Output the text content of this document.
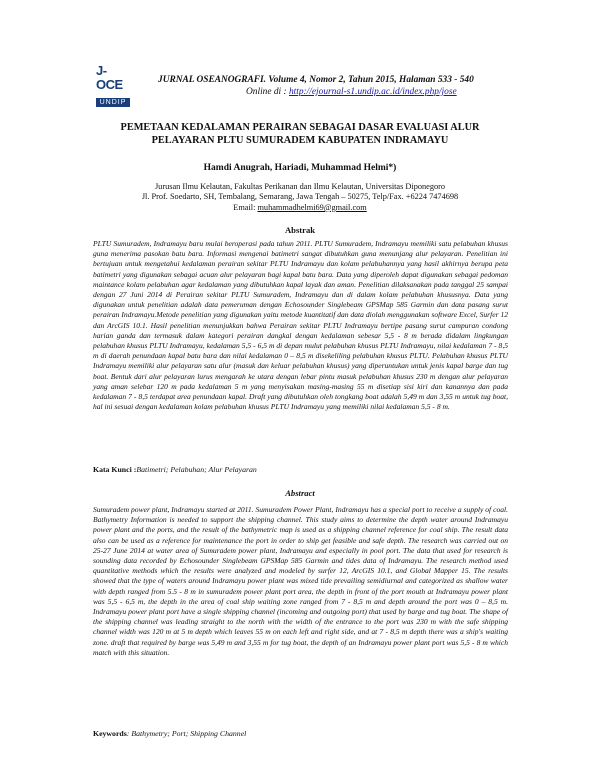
J-OCE
UNDIP
JURNAL OSEANOGRAFI. Volume 4, Nomor 2, Tahun 2015, Halaman 533 - 540
Online di : http://ejournal-s1.undip.ac.id/index.php/jose
PEMETAAN KEDALAMAN PERAIRAN SEBAGAI DASAR EVALUASI ALUR PELAYARAN PLTU SUMURADEM KABUPATEN INDRAMAYU
Hamdi Anugrah, Hariadi, Muhammad Helmi*)
Jurusan Ilmu Kelautan, Fakultas Perikanan dan Ilmu Kelautan, Universitas Diponegoro
Jl. Prof. Soedarto, SH, Tembalang, Semarang, Jawa Tengah – 50275, Telp/Fax. +6224 7474698
Email: muhammadhelmi69@gmail.com
Abstrak
PLTU Sumuradem, Indramayu baru mulai beroperasi pada tahun 2011. PLTU Sumuradem, Indramayu memiliki satu pelabuhan khusus guna menerima pasokan batu bara. Informasi mengenai batimetri sangat dibutuhkan guna menunjang alur pelayaran. Penelitian ini bertujuan untuk mengetahui kedalaman perairan sekitar PLTU Indramayu dan kolam pelabuhannya yang hasil akhirnya berupa peta batimetri yang digunakan sebagai acuan alur pelayaran bagi kapal batu bara. Data yang diperoleh dapat digunakan sebagai pedoman maintance kolam pelabuhan agar kedalaman yang dibutuhkan kapal layak dan aman. Penelitian dilaksanakan pada tanggal 25 sampai dengan 27 Juni 2014 di Perairan sekitar PLTU Sumuradem, Indramayu dan di dalam kolam pelabuhan khususnya. Data yang digunakan untuk penelitian adalah data pemeruman dengan Echosounder Singlebeam GPSMap 585 Garmin dan data pasang surut perairan Indramayu.Metode penelitian yang digunakan yaitu metode kuantitatif dan data diolah menggunakan software Excel, Surfer 12 dan ArcGIS 10.1. Hasil penelitian menunjukkan bahwa Perairan sekitar PLTU Indramayu bertipe pasang surut campuran condong harian ganda dan termasuk dalam kategori perairan dangkal dengan kedalaman sebesar 5,5 - 8 m berada didalam lingkungan pelabuhan khusus PLTU Indramayu, kedalaman 5,5 - 6,5 m di depan mulut pelabuhan khusus PLTU Indramayu, nilai kedalaman 7 - 8,5 m di daerah penundaan kapal batu bara dan nilai kedalaman 0 – 8,5 m disekeliling pelabuhan khusus PLTU. Pelabuhan khusus PLTU Indramayu memiliki alur pelayaran satu alur (masuk dan keluar pelabuhan khusus) yang diperuntukan untuk jenis kapal barge dan tug boat. Bentuk dari alur pelayaran lurus mengarah ke utara dengan lebar pintu masuk pelabuhan khusus 230 m dengan alur pelayaran yang aman selebar 120 m pada kedalaman 5 m yang menyisakan masing-masing 55 m disetiap sisi kiri dan kanannya dan pada kedalaman 7 - 8,5 terdapat area penundaan kapal. Draft yang dibutuhkan oleh tongkang boat adalah 5,49 m dan 3,55 m untuk tug boat, hal ini sesuai dengan kedalaman kolam pelabuhan khusus PLTU Indramayu yang memiliki nilai kedalaman 5,5 - 8 m.
Kata Kunci :Batimetri; Pelabuhan; Alur Pelayaran
Abstract
Sumuradem power plant, Indramayu started at 2011. Sumuradem Power Plant, Indramayu has a special port to receive a supply of coal. Bathymetry Information is needed to support the shipping channel. This study aims to determine the depth water around Indramayu power plant and the ports, and the result of the bathymetric map is used as a shipping channel reference for coal ship. The result data also can be used as a reference for maintenance the port in order to ship get feasible and safe depth. The research was carried out on 25-27 June 2014 at water area of Sumuradem power plant, Indramayu and especially in pool port. The data that used for research is sounding data recorded by Echosounder Singlebeam GPSMap 585 Garmin and tides data of Indramayu. The research method used quantitative methods which the results were analyzed and modeled by surfer 12, ArcGIS 10.1, and Global Mapper 15. The results showed that the type of waters around Indramayu power plant was mixed tide prevailing semidiurnal and categorized as shallow water with depth ranged from 5.5 - 8 m in sumuradem power plant port area, the depth in front of the port mouth at Indramayu power plant was 5,5 - 6,5 m, the depth in the area of coal ship waiting zone ranged from 7 - 8,5 m and depth around the port was 0 – 8,5 m. Indramayu power plant port have a single shipping channel (incoming and outgoing port) that used by barge and tug boat. The shape of the shipping channel was leading straight to the north with the width of the entrance to the port was 230 m with the safe shipping channel width was 120 m at 5 m depth which leaves 55 m on each left and right side, and at 7 - 8,5 m depth there was a ship's waiting zone. draft that required by barge was 5,49 m and 3,55 m for tug boat, the depth of an Indramayu power plant port was 5,5 - 8 m which match with this situation.
Keywords: Bathymetry; Port; Shipping Channel
